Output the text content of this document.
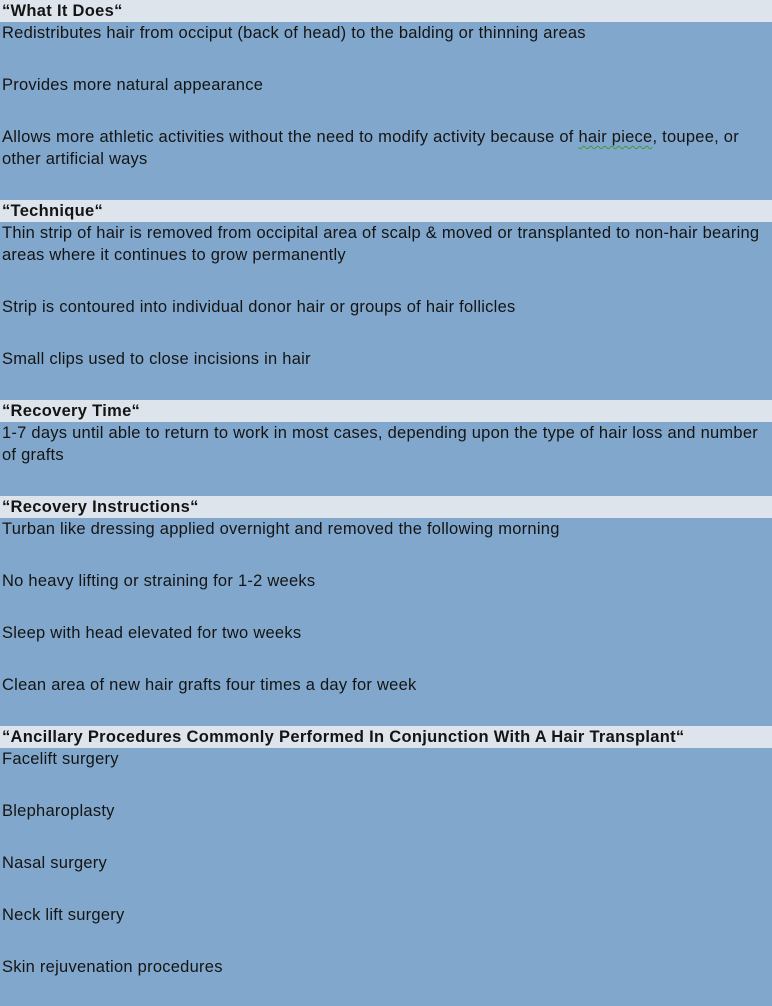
“What It Does“
Redistributes hair from occiput (back of head) to the balding or thinning areas
Provides more natural appearance
Allows more athletic activities without the need to modify activity because of hair piece, toupee, or other artificial ways
“Technique“
Thin strip of hair is removed from occipital area of scalp & moved or transplanted to non-hair bearing areas where it continues to grow permanently
Strip is contoured into individual donor hair or groups of hair follicles
Small clips used to close incisions in hair
“Recovery Time“
1-7 days until able to return to work in most cases, depending upon the type of hair loss and number of grafts
“Recovery Instructions“
Turban like dressing applied overnight and removed the following morning
No heavy lifting or straining for 1-2 weeks
Sleep with head elevated for two weeks
Clean area of new hair grafts four times a day for week
“Ancillary Procedures Commonly Performed In Conjunction With A Hair Transplant“
Facelift surgery
Blepharoplasty
Nasal surgery
Neck lift surgery
Skin rejuvenation procedures
